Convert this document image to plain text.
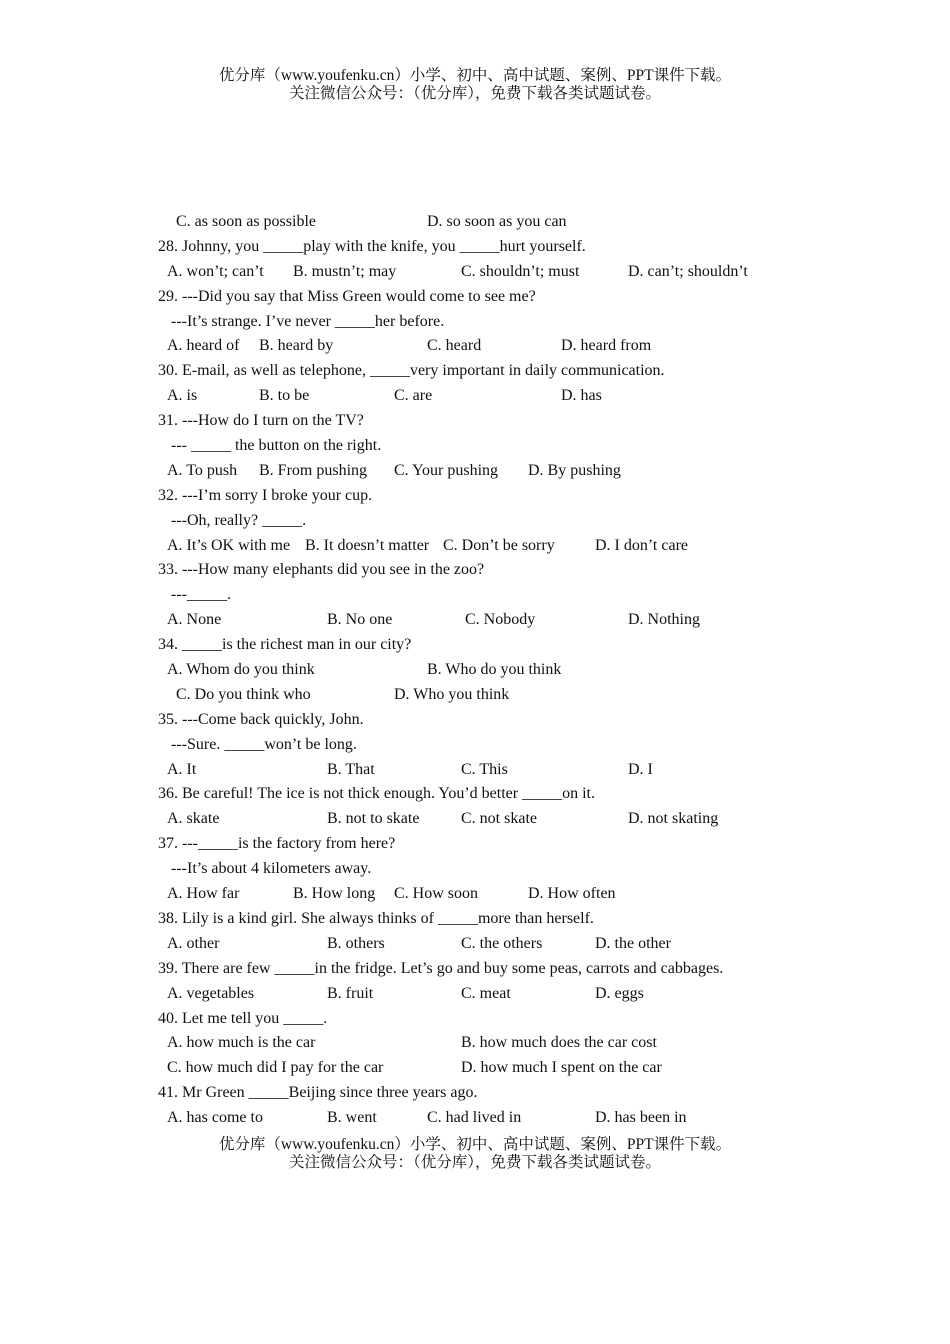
优分库（www.youfenku.cn）小学、初中、高中试题、案例、PPT课件下载。
关注微信公众号：（优分库），免费下载各类试题试卷。
C. as soon as possible	D. so soon as you can
28. Johnny, you _____play with the knife, you _____hurt yourself.
A. won’t; can’t B. mustn’t; may	C. shouldn’t; must	D. can’t; shouldn’t
29. ---Did you say that Miss Green would come to see me?
---It’s strange. I’ve never _____her before.
A. heard of B. heard by	C. heard	D. heard from
30. E-mail, as well as telephone, _____very important in daily communication.
A. is	B. to be	C. are	D. has
31. ---How do I turn on the TV?
--- _____ the button on the right.
A. To push B. From pushing C. Your pushing D. By pushing
32. ---I’m sorry I broke your cup.
---Oh, really? _____.
A. It’s OK with me B. It doesn’t matter C. Don’t be sorry	D. I don’t care
33. ---How many elephants did you see in the zoo?
---_____.
A. None	B. No one	C. Nobody	D. Nothing
34. _____is the richest man in our city?
A. Whom do you think	B. Who do you think
C. Do you think who	D. Who you think
35. ---Come back quickly, John.
---Sure. _____won’t be long.
A. It	B. That	C. This	D. I
36. Be careful! The ice is not thick enough. You’d better _____on it.
A. skate	B. not to skate	C. not skate	D. not skating
37. ---_____is the factory from here?
---It’s about 4 kilometers away.
A. How far	B. How long C. How soon	D. How often
38. Lily is a kind girl. She always thinks of _____more than herself.
A. other	B. others	C. the others	D. the other
39. There are few _____in the fridge. Let’s go and buy some peas, carrots and cabbages.
A. vegetables	B. fruit	C. meat	D. eggs
40. Let me tell you _____.
A. how much is the car	B. how much does the car cost
C. how much did I pay for the car	D. how much I spent on the car
41. Mr Green _____Beijing since three years ago.
A. has come to	B. went	C. had lived in	D. has been in
优分库（www.youfenku.cn）小学、初中、高中试题、案例、PPT课件下载。
关注微信公众号：（优分库），免费下载各类试题试卷。
